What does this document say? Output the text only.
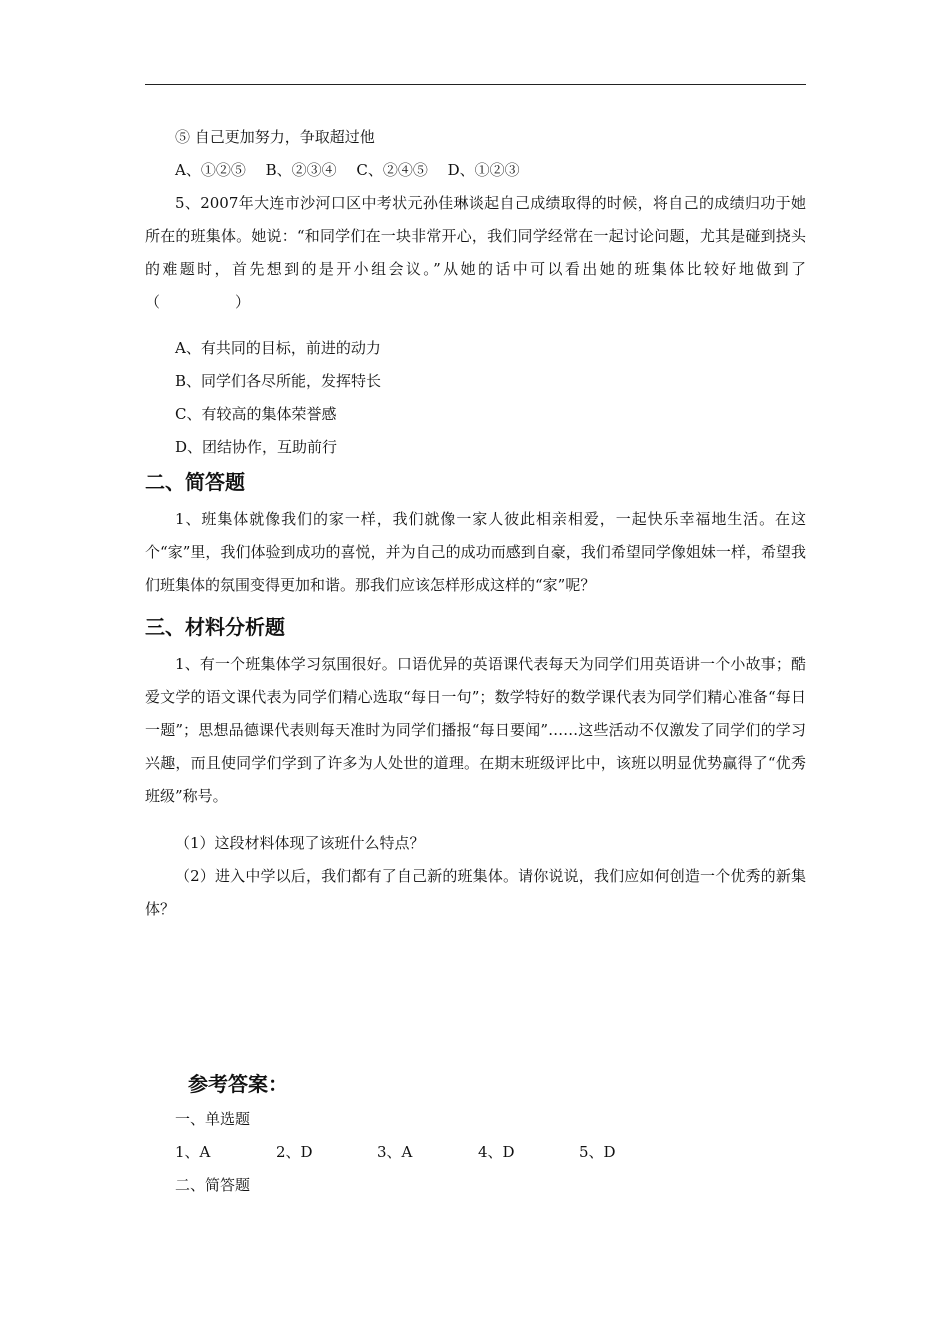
⑤ 自己更加努力，争取超过他

A、①②⑤　 B、②③④　 C、②④⑤　 D、①②③

5、2007年大连市沙河口区中考状元孙佳琳谈起自己成绩取得的时候，将自己的成绩归功于她所在的班集体。她说：“和同学们在一块非常开心，我们同学经常在一起讨论问题，尤其是碰到挠头的难题时，首先想到的是开小组会议。”从她的话中可以看出她的班集体比较好地做到了（　　　　　）

A、有共同的目标，前进的动力

B、同学们各尽所能，发挥特长

C、有较高的集体荣誉感

D、团结协作，互助前行

二、简答题

1、班集体就像我们的家一样，我们就像一家人彼此相亲相爱，一起快乐幸福地生活。在这个“家”里，我们体验到成功的喜悦，并为自己的成功而感到自豪，我们希望同学像姐妹一样，希望我们班集体的氛围变得更加和谐。那我们应该怎样形成这样的“家”呢？

三、材料分析题

1、有一个班集体学习氛围很好。口语优异的英语课代表每天为同学们用英语讲一个小故事；酷爱文学的语文课代表为同学们精心选取“每日一句”；数学特好的数学课代表为同学们精心准备“每日一题”；思想品德课代表则每天准时为同学们播报“每日要闻”……这些活动不仅激发了同学们的学习兴趣，而且使同学们学到了许多为人处世的道理。在期末班级评比中，该班以明显优势赢得了“优秀班级”称号。

（1）这段材料体现了该班什么特点？

（2）进入中学以后，我们都有了自己新的班集体。请你说说，我们应如何创造一个优秀的新集体？

参考答案：
一、单选题
1、A	2、D	3、A	4、D	5、D
二、简答题
